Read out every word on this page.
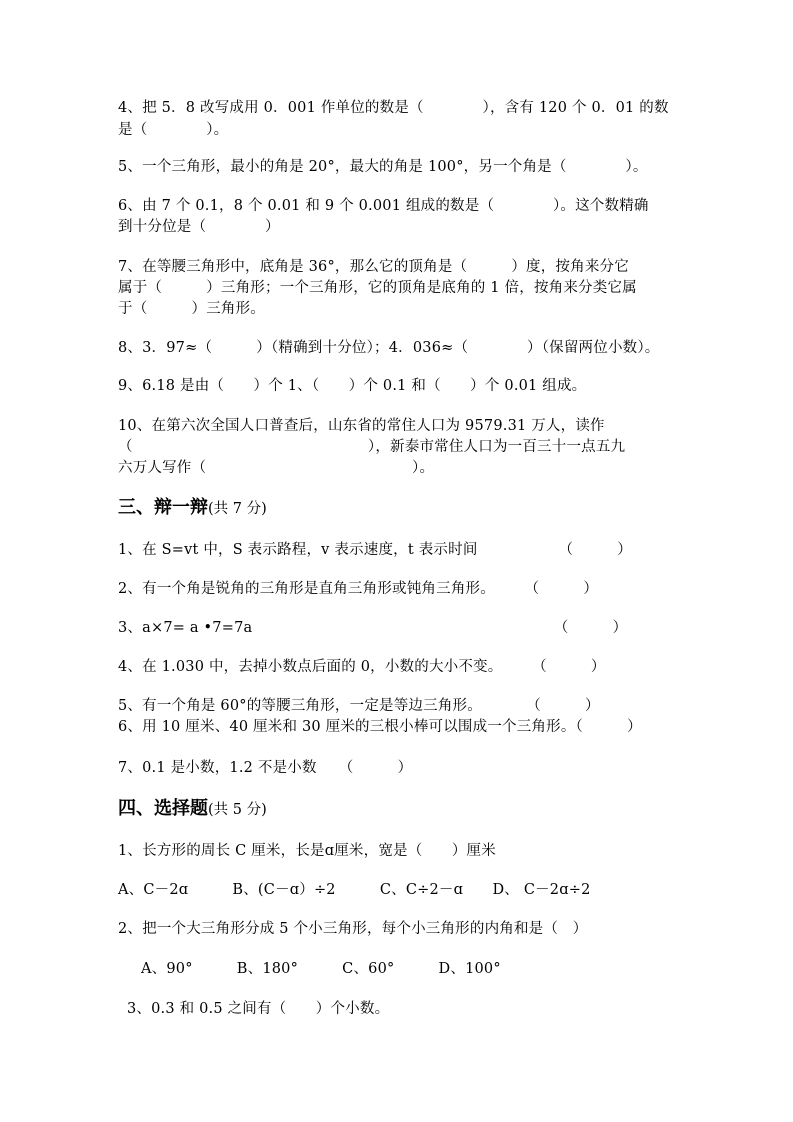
4、把 5．8 改写成用 0．001 作单位的数是（　　　　），含有 120 个 0．01 的数
是（　　　　）。
5、一个三角形，最小的角是 20°，最大的角是 100°，另一个角是（　　　　）。
6、由 7 个 0.1，8 个 0.01 和 9 个 0.001 组成的数是（　　　　）。这个数精确
到十分位是（　　　　）
7、在等腰三角形中，底角是 36°，那么它的顶角是（　　　）度，按角来分它
属于（　　　）三角形；一个三角形，它的顶角是底角的 1 倍，按角来分类它属
于（　　　）三角形。
8、3．97≈（　　　）（精确到十分位）；4．036≈（　　　　）（保留两位小数）。
9、6.18 是由（　　）个 1、（　　）个 0.1 和（　　）个 0.01 组成。
10、在第六次全国人口普查后，山东省的常住人口为 9579.31 万人，读作
（　　　　　　　　　　　　　　　　），新泰市常住人口为一百三十一点五九
六万人写作（　　　　　　　　　　　　　　）。
三、辩一辩(共 7 分)
1、在 S=vt 中，S 表示路程，v 表示速度，t 表示时间　　　　　　（　　　）
2、有一个角是锐角的三角形是直角三角形或钝角三角形。　　　（　　　）
3、a×7= a •7=7a　　　　　　　　　　　　　　　　　　　　　（　　　）
4、在 1.030 中，去掉小数点后面的 0，小数的大小不变。　　　（　　　）
5、有一个角是 60°的等腰三角形，一定是等边三角形。　　　　（　　　）
6、用 10 厘米、40 厘米和 30 厘米的三根小棒可以围成一个三角形。（　　　）
7、0.1 是小数，1.2 不是小数　　（　　　）
四、选择题(共 5 分)
1、长方形的周长 C 厘米，长是ɑ厘米，宽是（　　）厘米
A、C－2ɑ　　　B、(C－ɑ）÷2　　　C、C÷2－ɑ　　D、 C－2ɑ÷2
2、把一个大三角形分成 5 个小三角形，每个小三角形的内角和是（　）
A、90°　　　B、180°　　　C、60°　　　D、100°
3、0.3 和 0.5 之间有（　　）个小数。
